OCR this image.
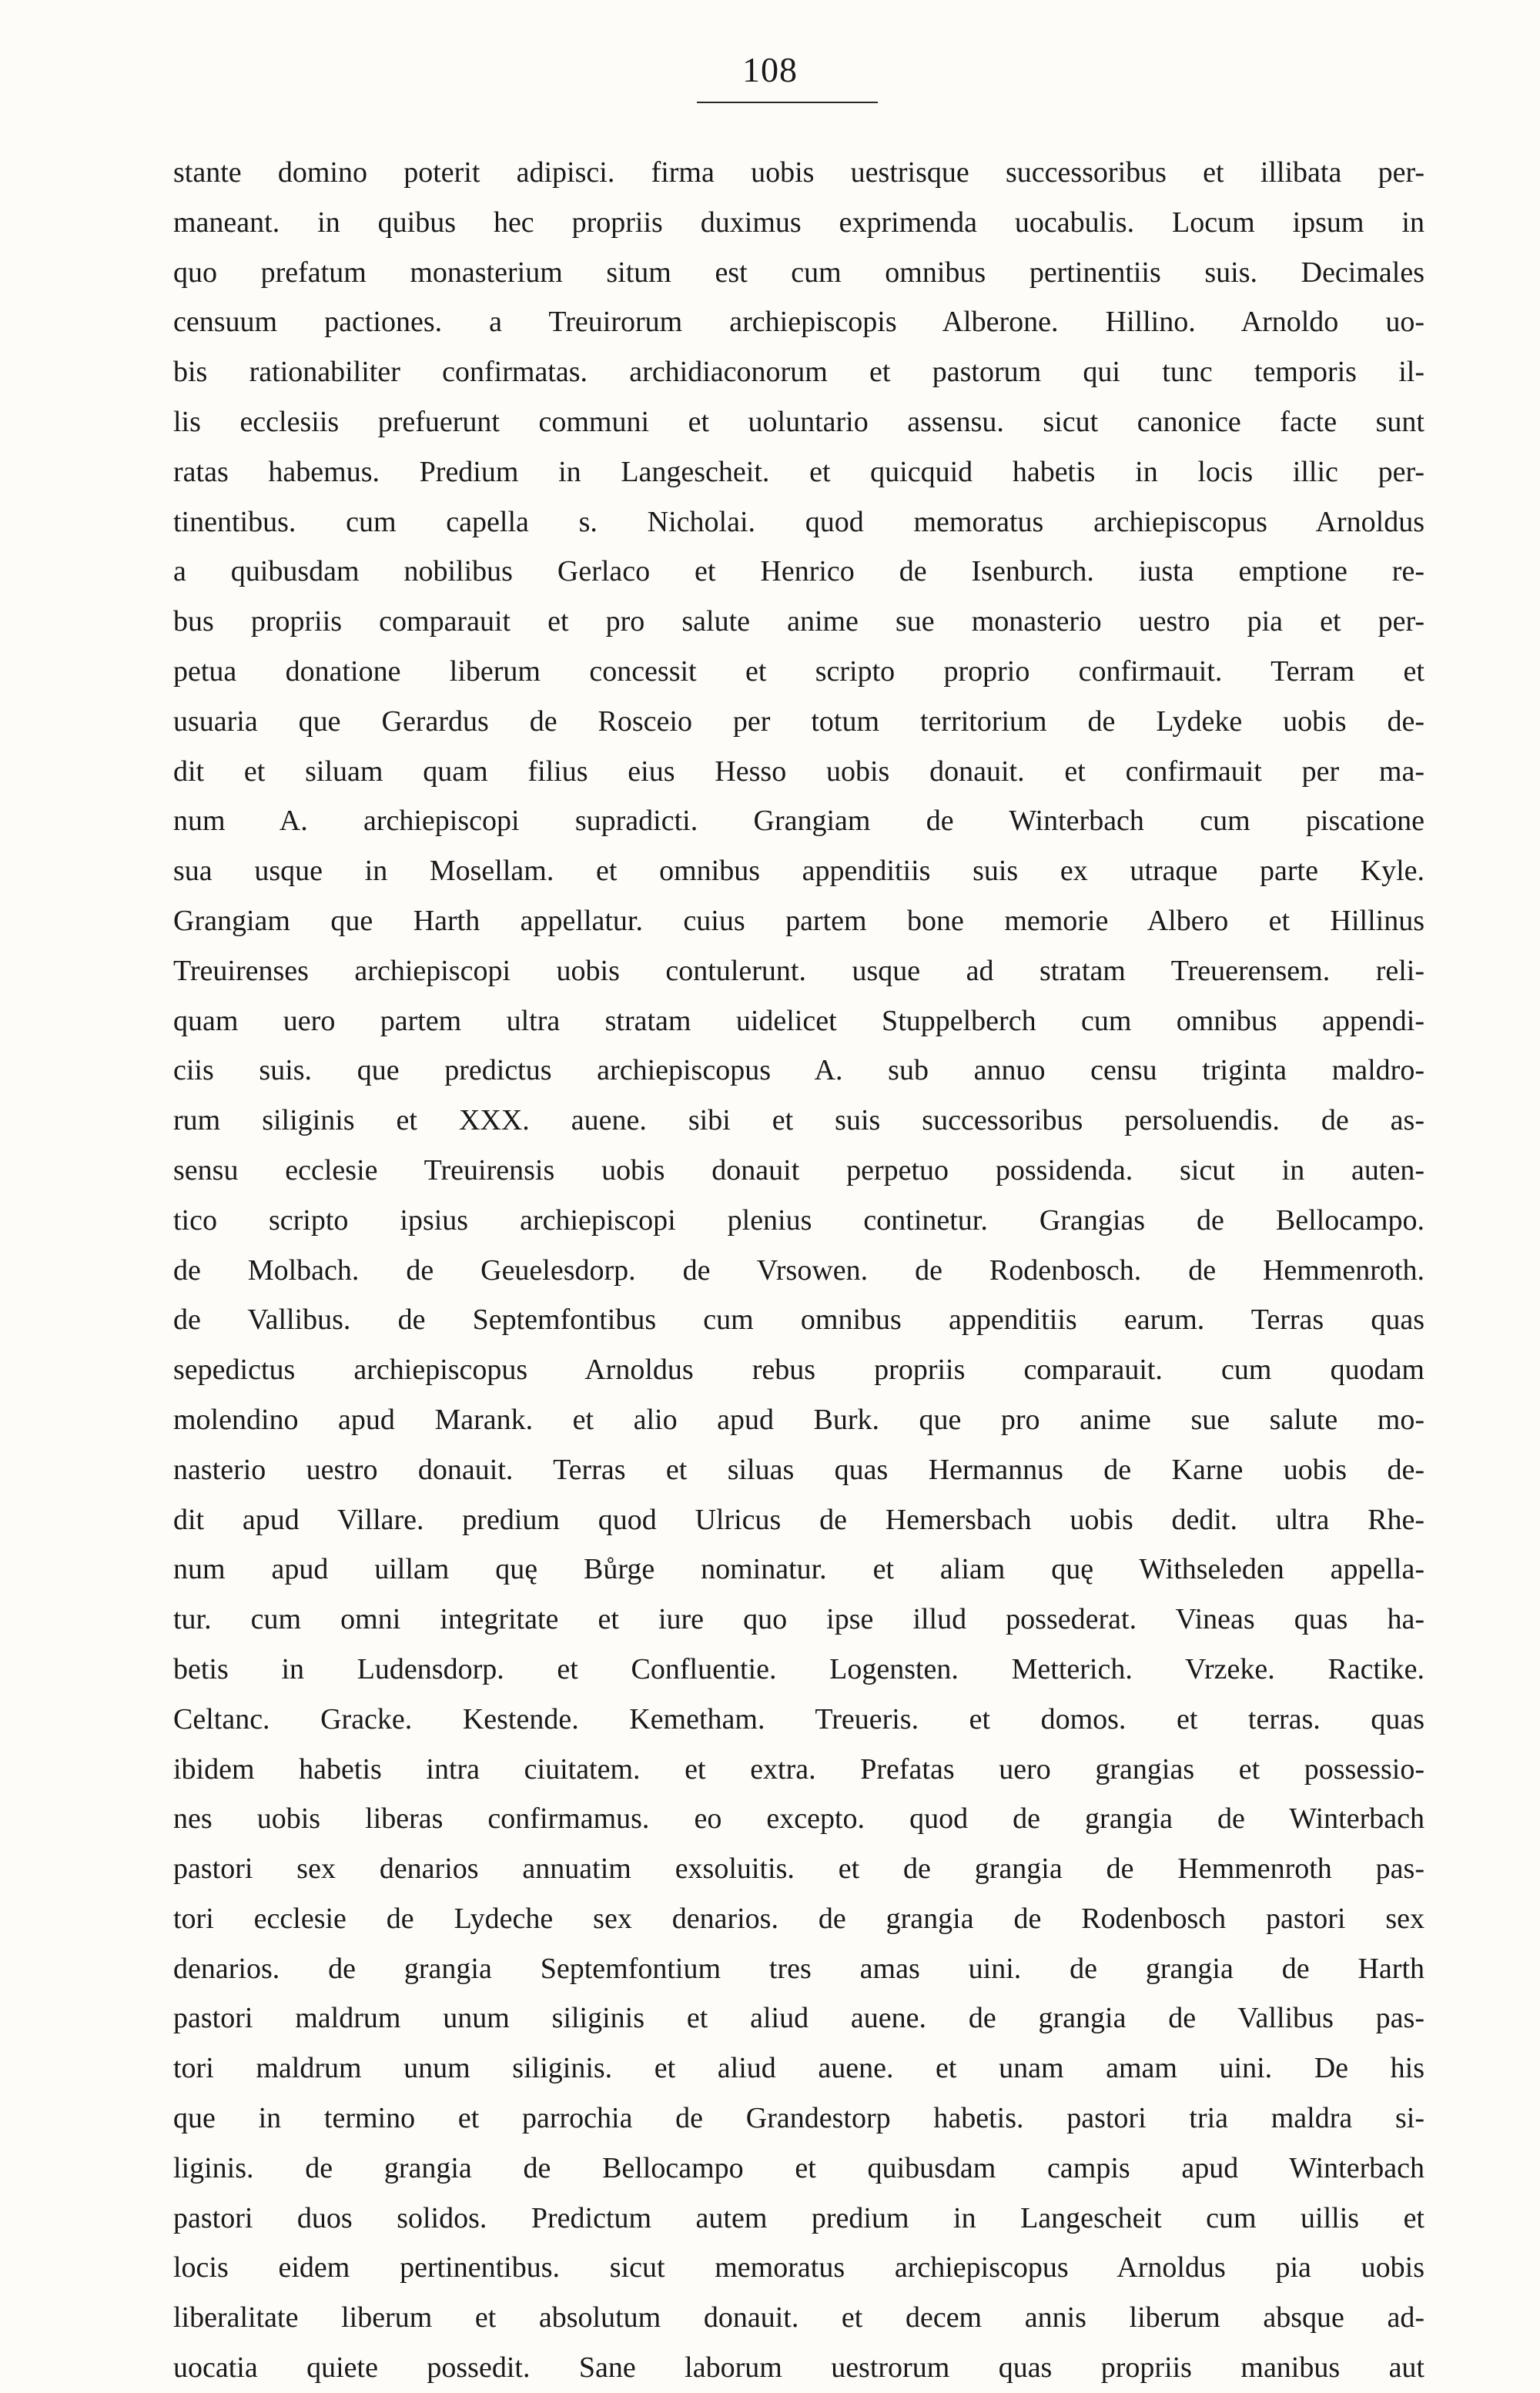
108
stante domino poterit adipisci. firma uobis uestrisque successoribus et illibata per-
maneant. in quibus hec propriis duximus exprimenda uocabulis. Locum ipsum in
quo prefatum monasterium situm est cum omnibus pertinentiis suis. Decimales
censuum pactiones. a Treuirorum archiepiscopis Alberone. Hillino. Arnoldo uo-
bis rationabiliter confirmatas. archidiaconorum et pastorum qui tunc temporis il-
lis ecclesiis prefuerunt communi et uoluntario assensu. sicut canonice facte sunt
ratas habemus. Predium in Langescheit. et quicquid habetis in locis illic per-
tinentibus. cum capella s. Nicholai. quod memoratus archiepiscopus Arnoldus
a quibusdam nobilibus Gerlaco et Henrico de Isenburch. iusta emptione re-
bus propriis comparauit et pro salute anime sue monasterio uestro pia et per-
petua donatione liberum concessit et scripto proprio confirmauit. Terram et
usuaria que Gerardus de Rosceio per totum territorium de Lydeke uobis de-
dit et siluam quam filius eius Hesso uobis donauit. et confirmauit per ma-
num A. archiepiscopi supradicti. Grangiam de Winterbach cum piscatione
sua usque in Mosellam. et omnibus appenditiis suis ex utraque parte Kyle.
Grangiam que Harth appellatur. cuius partem bone memorie Albero et Hillinus
Treuirenses archiepiscopi uobis contulerunt. usque ad stratam Treuerensem. reli-
quam uero partem ultra stratam uidelicet Stuppelberch cum omnibus appendi-
ciis suis. que predictus archiepiscopus A. sub annuo censu triginta maldro-
rum siliginis et XXX. auene. sibi et suis successoribus persoluendis. de as-
sensu ecclesie Treuirensis uobis donauit perpetuo possidenda. sicut in auten-
tico scripto ipsius archiepiscopi plenius continetur. Grangias de Bellocampo.
de Molbach. de Geuelesdorp. de Vrsowen. de Rodenbosch. de Hemmenroth.
de Vallibus. de Septemfontibus cum omnibus appenditiis earum. Terras quas
sepedictus archiepiscopus Arnoldus rebus propriis comparauit. cum quodam
molendino apud Marank. et alio apud Burk. que pro anime sue salute mo-
nasterio uestro donauit. Terras et siluas quas Hermannus de Karne uobis de-
dit apud Villare. predium quod Ulricus de Hemersbach uobis dedit. ultra Rhe-
num apud uillam quę Bůrge nominatur. et aliam quę Withseleden appella-
tur. cum omni integritate et iure quo ipse illud possederat. Vineas quas ha-
betis in Ludensdorp. et Confluentie. Logensten. Metterich. Vrzeke. Ractike.
Celtanc. Gracke. Kestende. Kemetham. Treueris. et domos. et terras. quas
ibidem habetis intra ciuitatem. et extra. Prefatas uero grangias et possessio-
nes uobis liberas confirmamus. eo excepto. quod de grangia de Winterbach
pastori sex denarios annuatim exsoluitis. et de grangia de Hemmenroth pas-
tori ecclesie de Lydeche sex denarios. de grangia de Rodenbosch pastori sex
denarios. de grangia Septemfontium tres amas uini. de grangia de Harth
pastori maldrum unum siliginis et aliud auene. de grangia de Vallibus pas-
tori maldrum unum siliginis. et aliud auene. et unam amam uini. De his
que in termino et parrochia de Grandestorp habetis. pastori tria maldra si-
liginis. de grangia de Bellocampo et quibusdam campis apud Winterbach
pastori duos solidos. Predictum autem predium in Langescheit cum uillis et
locis eidem pertinentibus. sicut memoratus archiepiscopus Arnoldus pia uobis
liberalitate liberum et absolutum donauit. et decem annis liberum absque ad-
uocatia quiete possedit. Sane laborum uestrorum quas propriis manibus aut
